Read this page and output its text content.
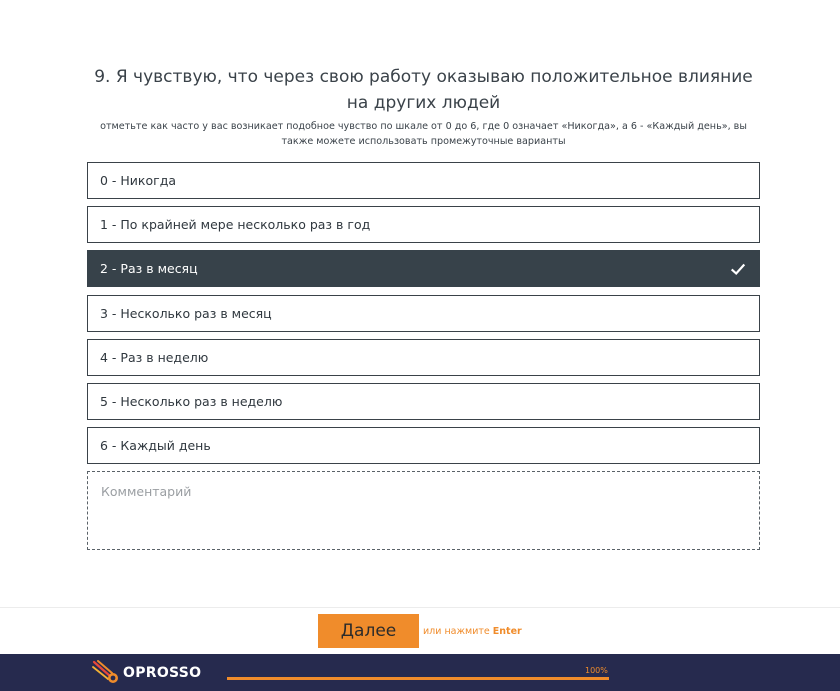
9. Я чувствую, что через свою работу оказываю положительное влияние на других людей
отметьте как часто у вас возникает подобное чувство по шкале от 0 до 6, где 0 означает «Никогда», а 6 - «Каждый день», вы также можете использовать промежуточные варианты
0 - Никогда
1 - По крайней мере несколько раз в год
2 - Раз в месяц
3 - Несколько раз в месяц
4 - Раз в неделю
5 - Несколько раз в неделю
6 - Каждый день
Комментарий
Далее	или нажмите Enter
OPROSSO	100%
